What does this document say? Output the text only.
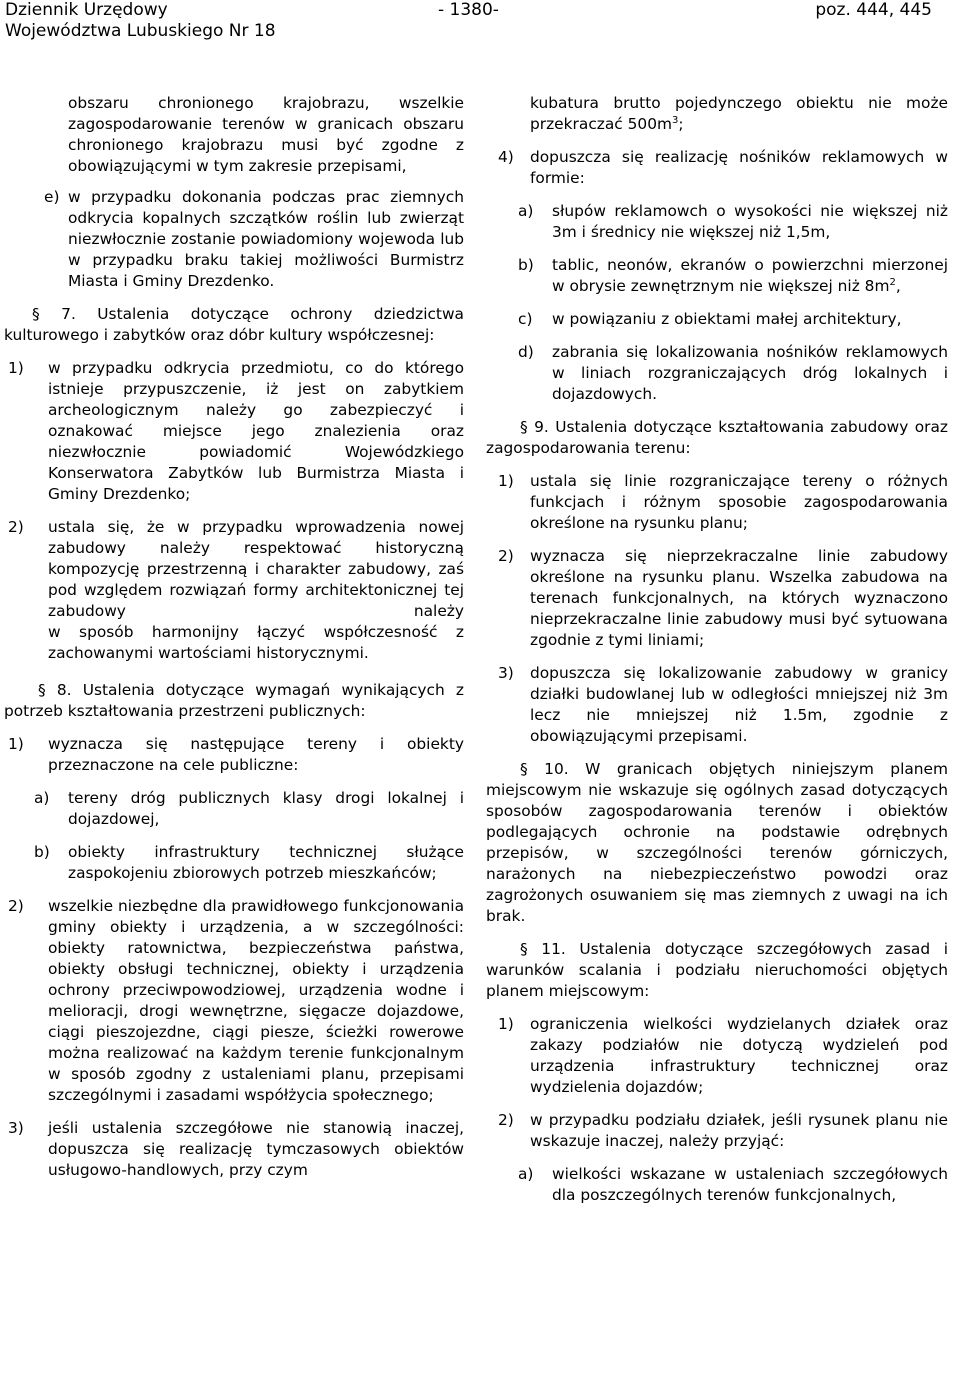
Dziennik Urzędowy
Województwa Lubuskiego Nr 18
- 1380-	poz. 444, 445
obszaru chronionego krajobrazu, wszelkie zagospodarowanie terenów w granicach obszaru chronionego krajobrazu musi być zgodne z obowiązującymi w tym zakresie przepisami,
e) w przypadku dokonania podczas prac ziemnych odkrycia kopalnych szczątków roślin lub zwierząt niezwłocznie zostanie powiadomiony wojewoda lub w przypadku braku takiej możliwości Burmistrz Miasta i Gminy Drezdenko.

§ 7. Ustalenia dotyczące ochrony dziedzictwa kulturowego i zabytków oraz dóbr kultury współczesnej:

1)	w przypadku odkrycia przedmiotu, co do którego istnieje przypuszczenie, iż jest on zabytkiem archeologicznym należy go zabezpieczyć i oznakować miejsce jego znalezienia oraz niezwłocznie powiadomić Wojewódzkiego Konserwatora Zabytków lub Burmistrza Miasta i Gminy Drezdenko;
2)	ustala się, że w przypadku wprowadzenia nowej zabudowy należy respektować historyczną kompozycję przestrzenną i charakter zabudowy, zaś pod względem rozwiązań formy architektonicznej tej zabudowy należy
w sposób harmonijny łączyć współczesność z zachowanymi wartościami historycznymi.

§ 8. Ustalenia dotyczące wymagań wynikających z potrzeb kształtowania przestrzeni publicznych:

1)	wyznacza się następujące tereny i obiekty przeznaczone na cele publiczne:
a)	tereny dróg publicznych klasy drogi lokalnej i dojazdowej,
b)	obiekty infrastruktury technicznej służące zaspokojeniu zbiorowych potrzeb mieszkańców;
2)	wszelkie niezbędne dla prawidłowego funkcjonowania gminy obiekty i urządzenia, a w szczególności: obiekty ratownictwa, bezpieczeństwa państwa, obiekty obsługi technicznej, obiekty i urządzenia ochrony przeciwpowodziowej, urządzenia wodne i melioracji, drogi wewnętrzne, sięgacze dojazdowe, ciągi pieszojezdne, ciągi piesze, ścieżki rowerowe można realizować na każdym terenie funkcjonalnym w sposób zgodny z ustaleniami planu, przepisami szczególnymi i zasadami współżycia społecznego;
3)	jeśli ustalenia szczegółowe nie stanowią inaczej, dopuszcza się realizację tymczasowych obiektów usługowo-handlowych, przy czym
kubatura brutto pojedynczego obiektu nie może przekraczać $500m^3$;
4)	dopuszcza się realizację nośników reklamowych w formie:
a)	słupów reklamowch o wysokości nie większej niż 3m i średnicy nie większej niż 1,5m,
b)	tablic, neonów, ekranów o powierzchni mierzonej w obrysie zewnętrznym nie większej niż $8m^2$,
c)	w powiązaniu z obiektami małej architektury,
d)	zabrania się lokalizowania nośników reklamowych w liniach rozgraniczających dróg lokalnych i dojazdowych.

§ 9. Ustalenia dotyczące kształtowania zabudowy oraz zagospodarowania terenu:

1)	ustala się linie rozgraniczające tereny o różnych funkcjach i różnym sposobie zagospodarowania określone na rysunku planu;
2)	wyznacza się nieprzekraczalne linie zabudowy określone na rysunku planu. Wszelka zabudowa na terenach funkcjonalnych, na których wyznaczono nieprzekraczalne linie zabudowy musi być sytuowana zgodnie z tymi liniami;
3)	dopuszcza się lokalizowanie zabudowy w granicy działki budowlanej lub w odległości mniejszej niż 3m lecz nie mniejszej niż 1.5m, zgodnie z obowiązującymi przepisami.

§ 10. W granicach objętych niniejszym planem miejscowym nie wskazuje się ogólnych zasad dotyczących sposobów zagospodarowania terenów i obiektów podlegających ochronie na podstawie odrębnych przepisów, w szczególności terenów górniczych, narażonych na niebezpieczeństwo powodzi oraz zagrożonych osuwaniem się mas ziemnych z uwagi na ich brak.

§ 11. Ustalenia dotyczące szczegółowych zasad i warunków scalania i podziału nieruchomości objętych planem miejscowym:

1)	ograniczenia wielkości wydzielanych działek oraz zakazy podziałów nie dotyczą wydzieleń pod urządzenia infrastruktury technicznej oraz wydzielenia dojazdów;
2)	w przypadku podziału działek, jeśli rysunek planu nie wskazuje inaczej, należy przyjąć:
a)	wielkości wskazane w ustaleniach szczegółowych dla poszczególnych terenów funkcjonalnych,
